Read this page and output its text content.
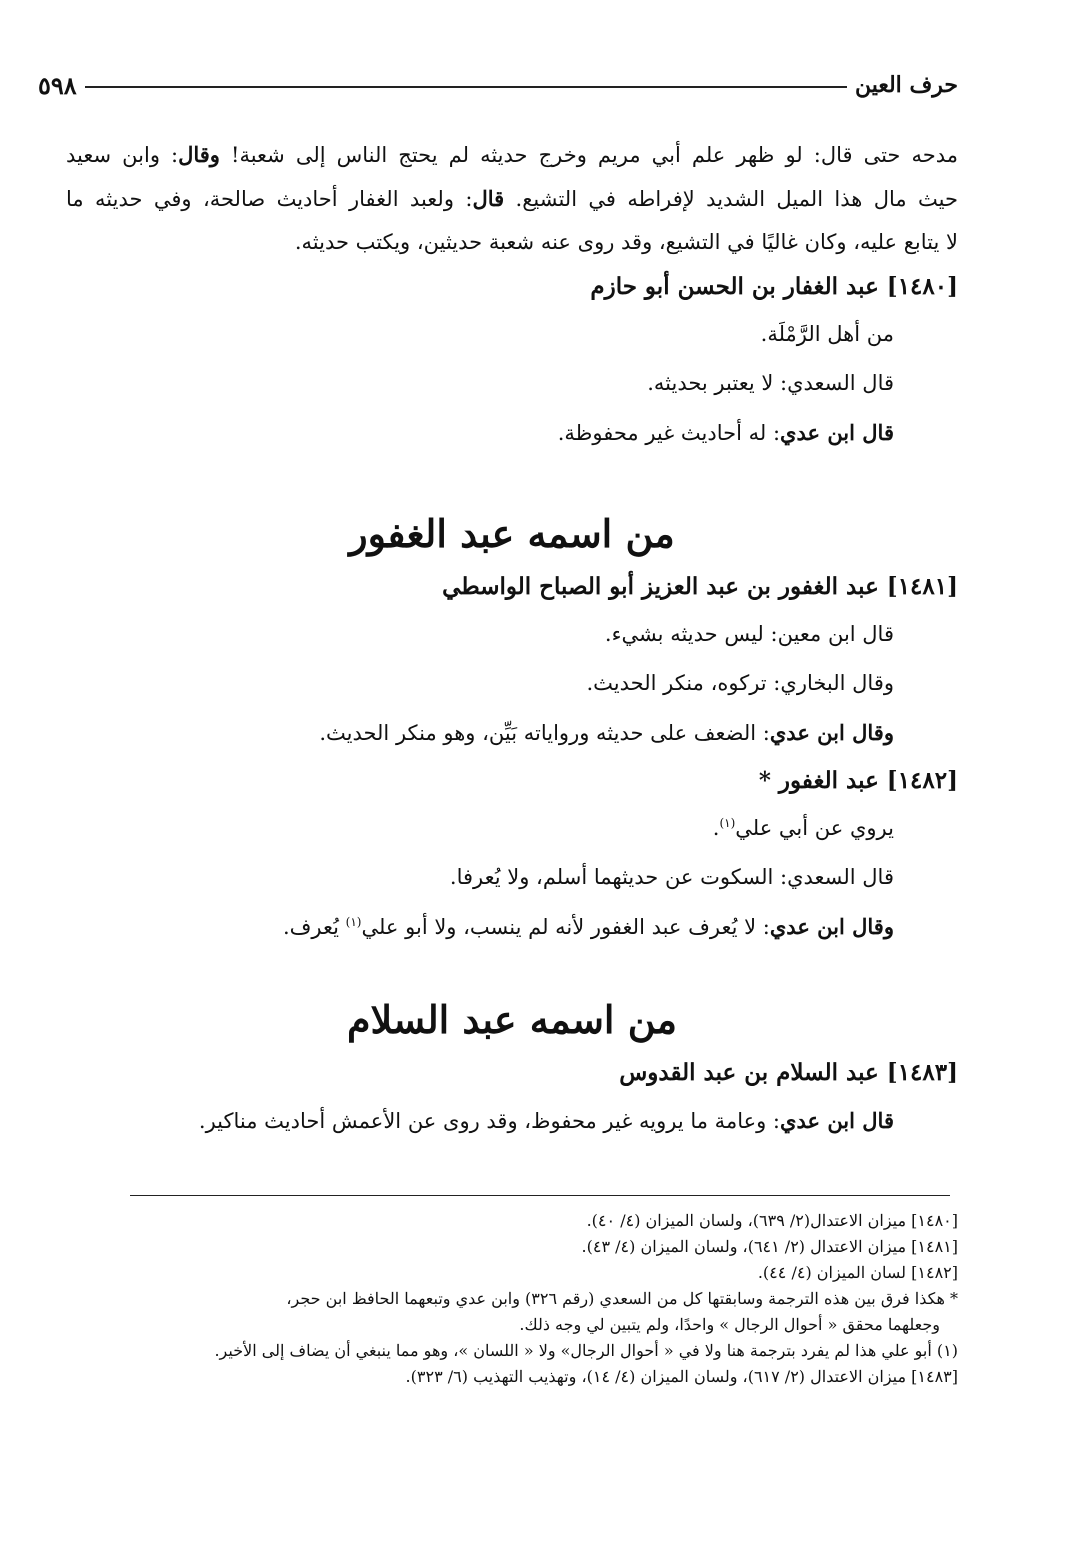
حرف العين
٥٩٨

مدحه حتى قال: لو ظهر علم أبي مريم وخرج حديثه لم يحتج الناس إلى شعبة! وقال: وابن سعيد

حيث مال هذا الميل الشديد لإفراطه في التشيع. قال: ولعبد الغفار أحاديث صالحة، وفي حديثه ما

لا يتابع عليه، وكان غاليًا في التشيع، وقد روى عنه شعبة حديثين، ويكتب حديثه.

[١٤٨٠] عبد الغفار بن الحسن أبو حازم

من أهل الرَّمْلَة.

قال السعدي: لا يعتبر بحديثه.

قال ابن عدي: له أحاديث غير محفوظة.

من اسمه عبد الغفور

[١٤٨١] عبد الغفور بن عبد العزيز أبو الصباح الواسطي

قال ابن معين: ليس حديثه بشيء.

وقال البخاري: تركوه، منكر الحديث.

وقال ابن عدي: الضعف على حديثه ورواياته بَيِّن، وهو منكر الحديث.

[١٤٨٢] عبد الغفور *

يروي عن أبي علي$^{(١)}$.

قال السعدي: السكوت عن حديثهما أسلم، ولا يُعرفا.

وقال ابن عدي: لا يُعرف عبد الغفور لأنه لم ينسب، ولا أبو علي$^{(١)}$ يُعرف.

من اسمه عبد السلام

[١٤٨٣] عبد السلام بن عبد القدوس

قال ابن عدي: وعامة ما يرويه غير محفوظ، وقد روى عن الأعمش أحاديث مناكير.

[١٤٨٠] ميزان الاعتدال(٢/ ٦٣٩)، ولسان الميزان (٤/ ٤٠).

[١٤٨١] ميزان الاعتدال (٢/ ٦٤١)، ولسان الميزان (٤/ ٤٣).

[١٤٨٢] لسان الميزان (٤/ ٤٤).

* هكذا فرق بين هذه الترجمة وسابقتها كل من السعدي (رقم ٣٢٦) وابن عدي وتبعهما الحافظ ابن حجر،

وجعلهما محقق « أحوال الرجال » واحدًا، ولم يتبين لي وجه ذلك.

(١) أبو علي هذا لم يفرد بترجمة هنا ولا في « أحوال الرجال» ولا « اللسان »، وهو مما ينبغي أن يضاف إلى الأخير.

[١٤٨٣] ميزان الاعتدال (٢/ ٦١٧)، ولسان الميزان (٤/ ١٤)، وتهذيب التهذيب (٦/ ٣٢٣).
